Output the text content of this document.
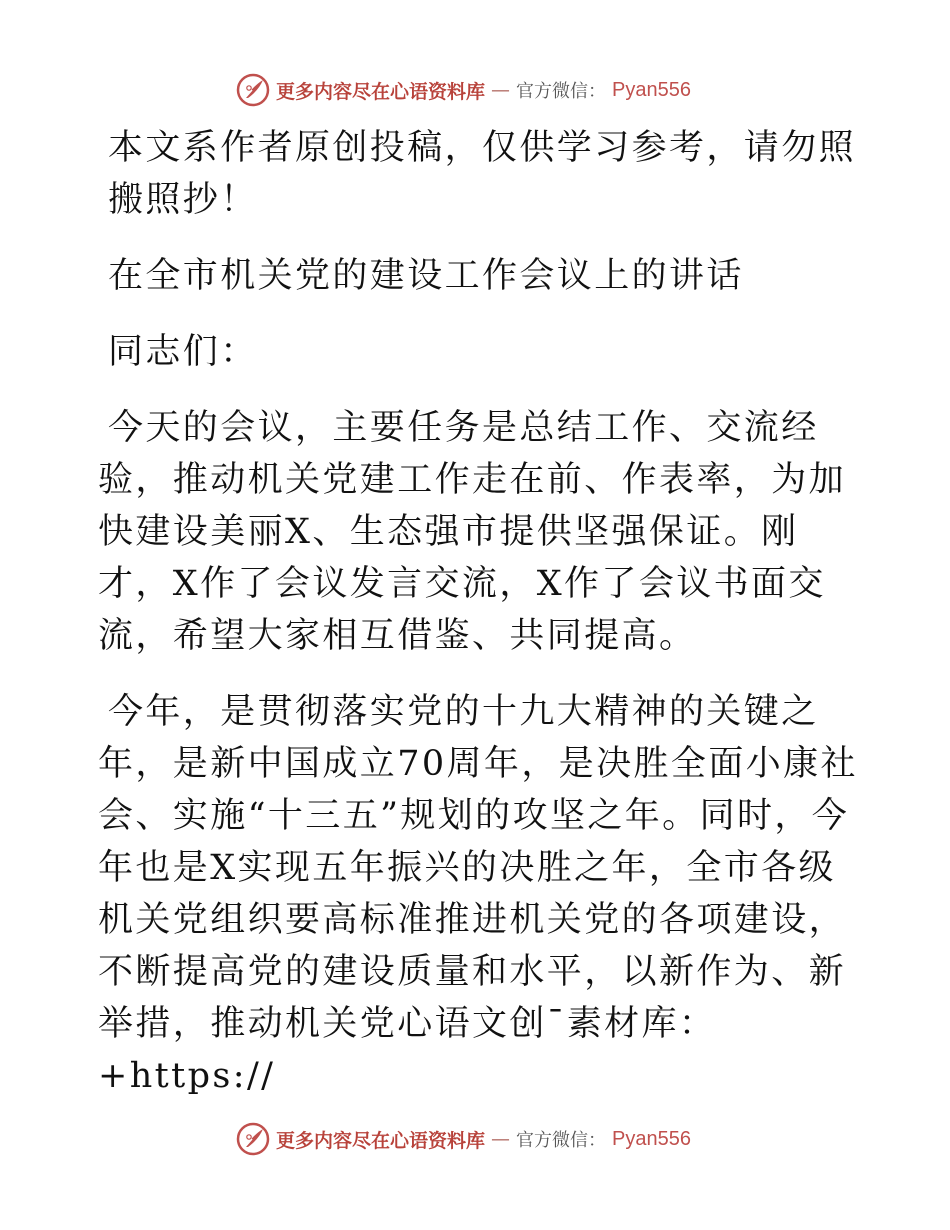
更多内容尽在心语资料库 — 官方微信： Pyan556

本文系作者原创投稿，仅供学习参考，请勿照搬照抄！

在全市机关党的建设工作会议上的讲话

同志们：

今天的会议，主要任务是总结工作、交流经验，推动机关党建工作走在前、作表率，为加快建设美丽X、生态强市提供坚强保证。刚才，X作了会议发言交流，X作了会议书面交流，希望大家相互借鉴、共同提高。

今年，是贯彻落实党的十九大精神的关键之年，是新中国成立70周年，是决胜全面小康社会、实施“十三五”规划的攻坚之年。同时，今年也是X实现五年振兴的决胜之年，全市各级机关党组织要高标准推进机关党的各项建设，不断提高党的建设质量和水平，以新作为、新举措，推动机关党心语文创¯素材库：+https://

更多内容尽在心语资料库 — 官方微信： Pyan556
